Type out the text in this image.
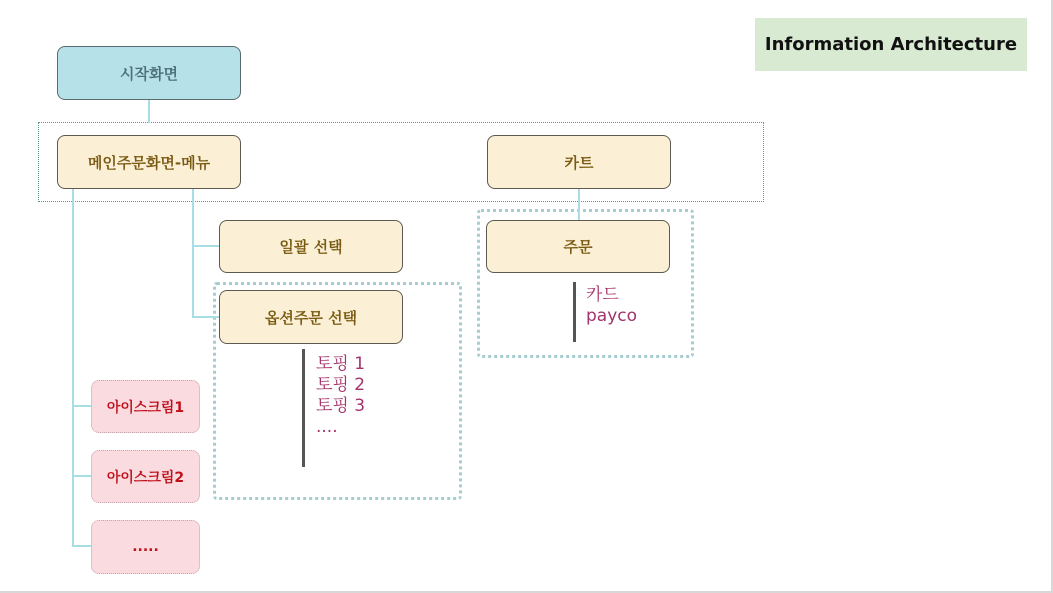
Information Architecture
시작화면
메인주문화면-메뉴	카트
일괄 선택
옵션주문 선택
주문
아이스크림1
아이스크림2
.....
토핑 1
토핑 2
토핑 3
....
카드
payco
